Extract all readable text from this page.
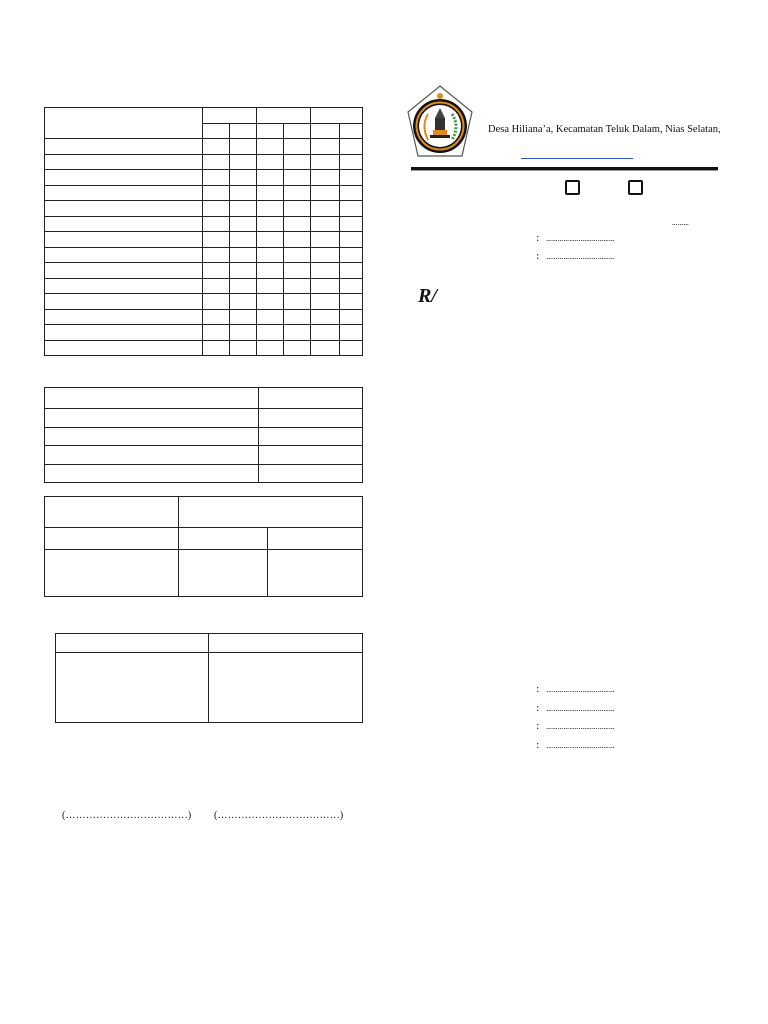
(………………………………) (………………………………)
Desa Hiliana’a, Kecamatan Teluk Dalam, Nias Selatan,
………
: ………………………………
: ………………………………
R/
: ………………………………
: ………………………………
: ………………………………
: ………………………………
